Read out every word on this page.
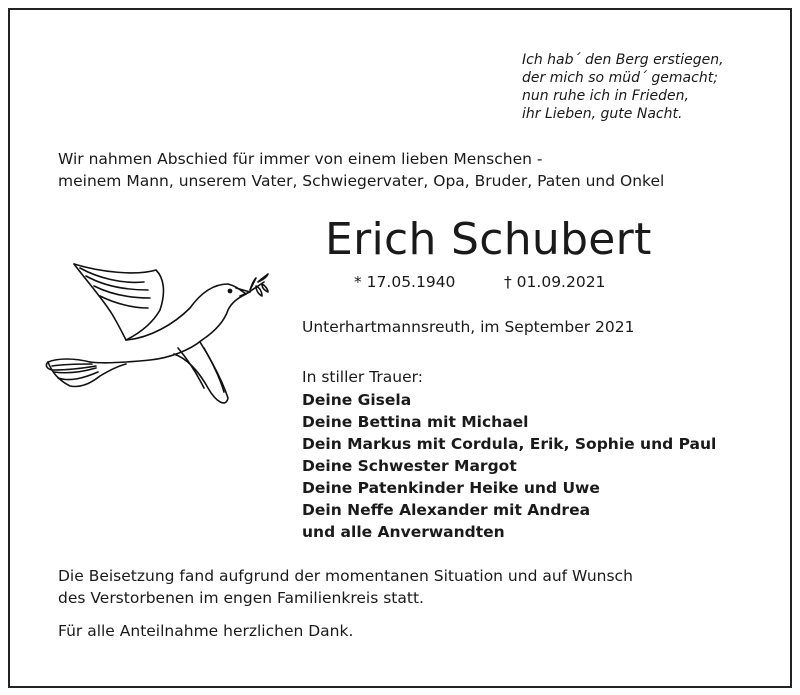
Ich hab´ den Berg erstiegen,
der mich so müd´ gemacht;
nun ruhe ich in Frieden,
ihr Lieben, gute Nacht.
Wir nahmen Abschied für immer von einem lieben Menschen -
meinem Mann, unserem Vater, Schwiegervater, Opa, Bruder, Paten und Onkel
Erich Schubert
* 17.05.1940	† 01.09.2021
Unterhartmannsreuth, im September 2021
In stiller Trauer:
Deine Gisela
Deine Bettina mit Michael
Dein Markus mit Cordula, Erik, Sophie und Paul
Deine Schwester Margot
Deine Patenkinder Heike und Uwe
Dein Neffe Alexander mit Andrea
und alle Anverwandten
Die Beisetzung fand aufgrund der momentanen Situation und auf Wunsch
des Verstorbenen im engen Familienkreis statt.
Für alle Anteilnahme herzlichen Dank.
